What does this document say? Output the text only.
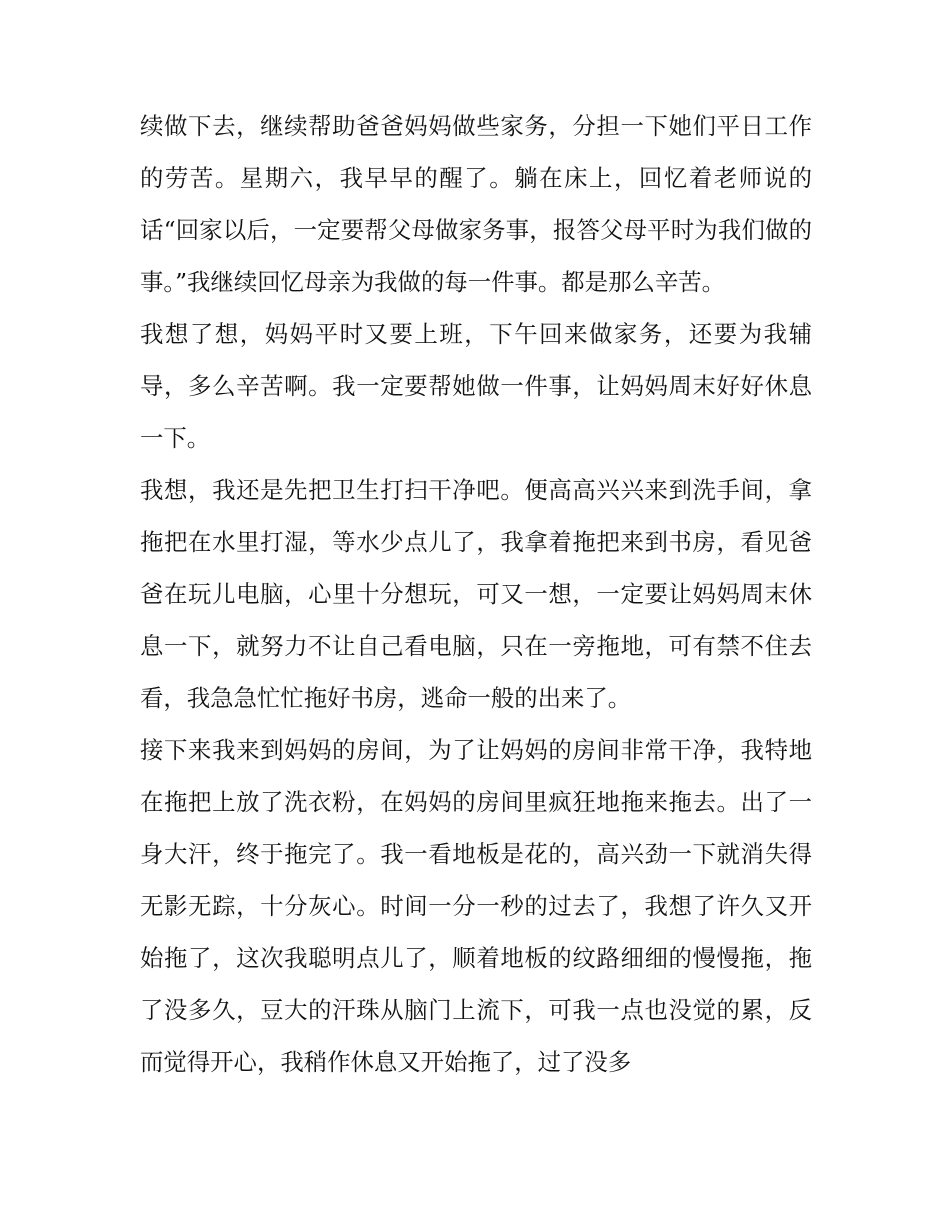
续做下去，继续帮助爸爸妈妈做些家务，分担一下她们平日工作的劳苦。星期六，我早早的醒了。躺在床上，回忆着老师说的话“回家以后，一定要帮父母做家务事，报答父母平时为我们做的事。”我继续回忆母亲为我做的每一件事。都是那么辛苦。

我想了想，妈妈平时又要上班，下午回来做家务，还要为我辅导，多么辛苦啊。我一定要帮她做一件事，让妈妈周末好好休息一下。

我想，我还是先把卫生打扫干净吧。便高高兴兴来到洗手间，拿拖把在水里打湿，等水少点儿了，我拿着拖把来到书房，看见爸爸在玩儿电脑，心里十分想玩，可又一想，一定要让妈妈周末休息一下，就努力不让自己看电脑，只在一旁拖地，可有禁不住去看，我急急忙忙拖好书房，逃命一般的出来了。

接下来我来到妈妈的房间，为了让妈妈的房间非常干净，我特地在拖把上放了洗衣粉，在妈妈的房间里疯狂地拖来拖去。出了一身大汗，终于拖完了。我一看地板是花的，高兴劲一下就消失得无影无踪，十分灰心。时间一分一秒的过去了，我想了许久又开始拖了，这次我聪明点儿了，顺着地板的纹路细细的慢慢拖，拖了没多久，豆大的汗珠从脑门上流下，可我一点也没觉的累，反而觉得开心，我稍作休息又开始拖了，过了没多
